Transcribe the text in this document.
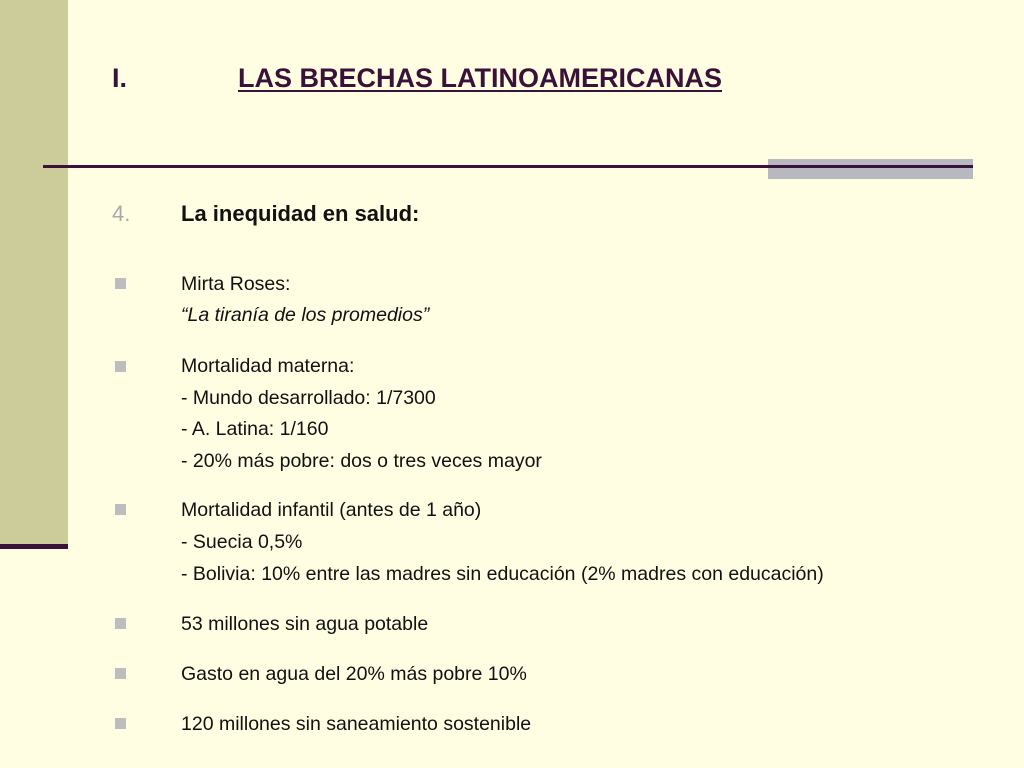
I.	LAS BRECHAS LATINOAMERICANAS
4. La inequidad en salud:
Mirta Roses:
“La tiranía de los promedios”
Mortalidad materna:
- Mundo desarrollado: 1/7300
- A. Latina: 1/160
- 20% más pobre: dos o tres veces mayor
Mortalidad infantil (antes de 1 año)
- Suecia 0,5%
- Bolivia: 10% entre las madres sin educación (2% madres con educación)
53 millones sin agua potable
Gasto en agua del 20% más pobre 10%
120 millones sin saneamiento sostenible
